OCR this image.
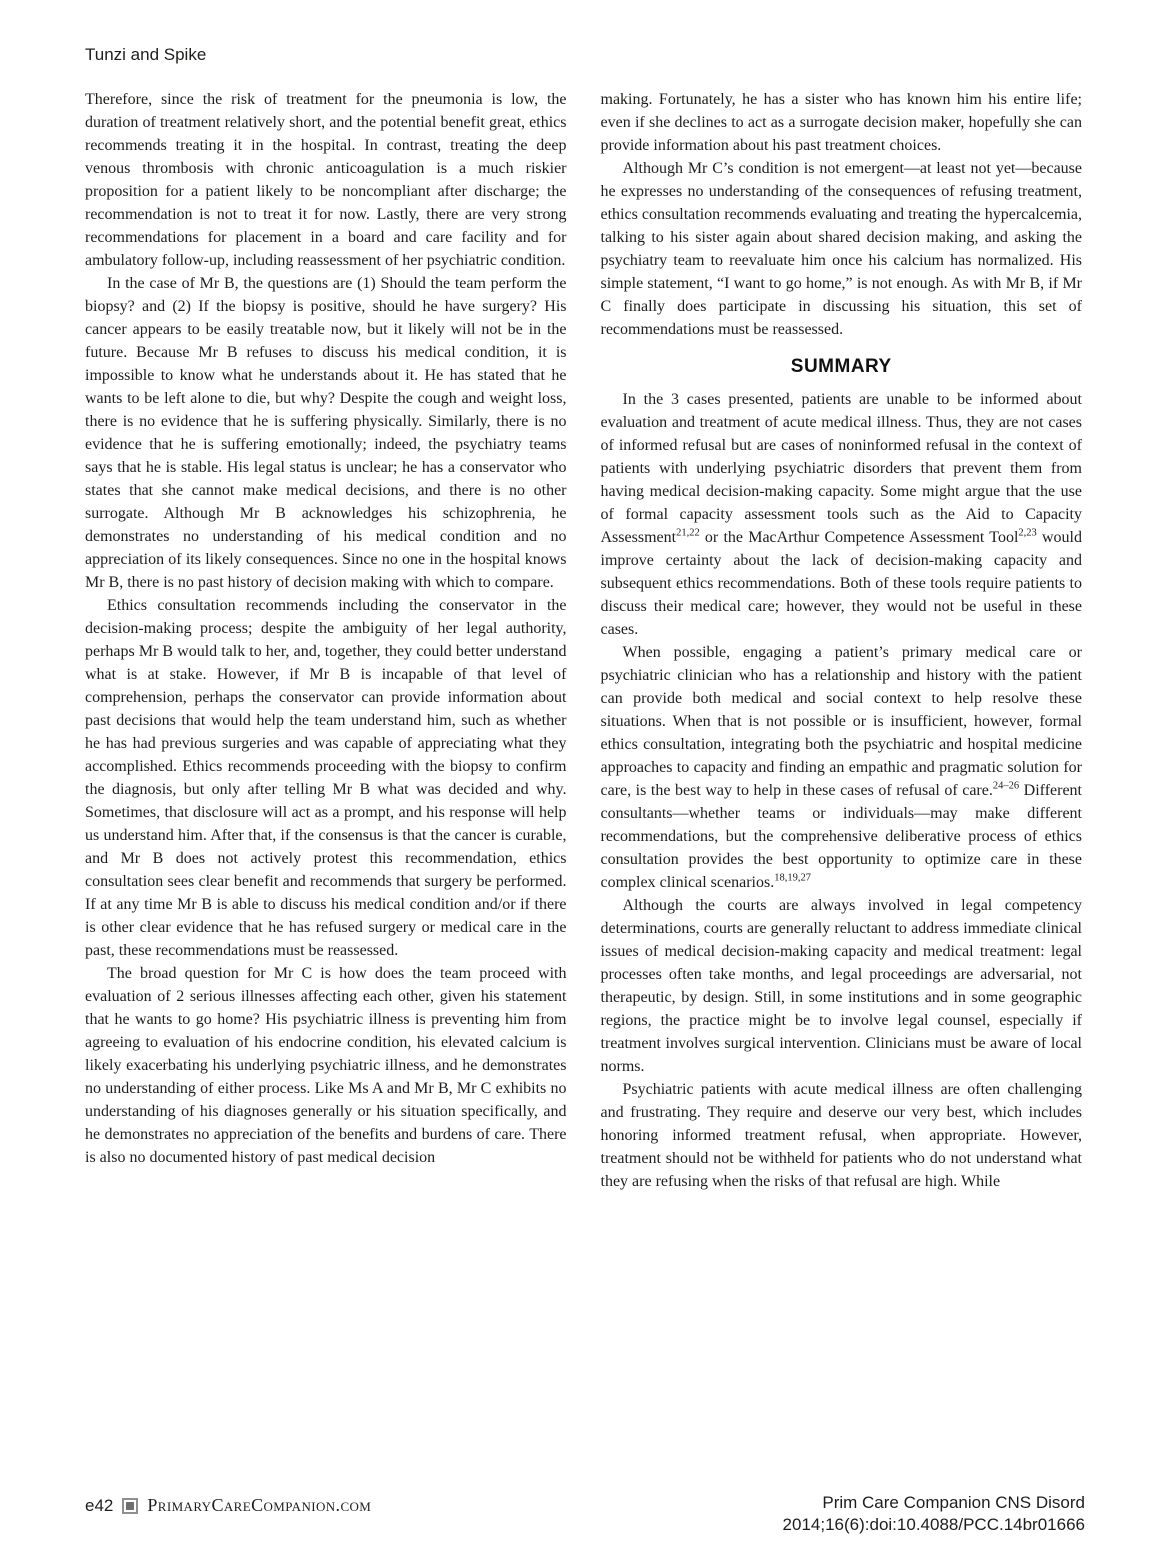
Tunzi and Spike

Therefore, since the risk of treatment for the pneumonia is low, the duration of treatment relatively short, and the potential benefit great, ethics recommends treating it in the hospital. In contrast, treating the deep venous thrombosis with chronic anticoagulation is a much riskier proposition for a patient likely to be noncompliant after discharge; the recommendation is not to treat it for now. Lastly, there are very strong recommendations for placement in a board and care facility and for ambulatory follow-up, including reassessment of her psychiatric condition.

In the case of Mr B, the questions are (1) Should the team perform the biopsy? and (2) If the biopsy is positive, should he have surgery? His cancer appears to be easily treatable now, but it likely will not be in the future. Because Mr B refuses to discuss his medical condition, it is impossible to know what he understands about it. He has stated that he wants to be left alone to die, but why? Despite the cough and weight loss, there is no evidence that he is suffering physically. Similarly, there is no evidence that he is suffering emotionally; indeed, the psychiatry teams says that he is stable. His legal status is unclear; he has a conservator who states that she cannot make medical decisions, and there is no other surrogate. Although Mr B acknowledges his schizophrenia, he demonstrates no understanding of his medical condition and no appreciation of its likely consequences. Since no one in the hospital knows Mr B, there is no past history of decision making with which to compare.

Ethics consultation recommends including the conservator in the decision-making process; despite the ambiguity of her legal authority, perhaps Mr B would talk to her, and, together, they could better understand what is at stake. However, if Mr B is incapable of that level of comprehension, perhaps the conservator can provide information about past decisions that would help the team understand him, such as whether he has had previous surgeries and was capable of appreciating what they accomplished. Ethics recommends proceeding with the biopsy to confirm the diagnosis, but only after telling Mr B what was decided and why. Sometimes, that disclosure will act as a prompt, and his response will help us understand him. After that, if the consensus is that the cancer is curable, and Mr B does not actively protest this recommendation, ethics consultation sees clear benefit and recommends that surgery be performed. If at any time Mr B is able to discuss his medical condition and/or if there is other clear evidence that he has refused surgery or medical care in the past, these recommendations must be reassessed.

The broad question for Mr C is how does the team proceed with evaluation of 2 serious illnesses affecting each other, given his statement that he wants to go home? His psychiatric illness is preventing him from agreeing to evaluation of his endocrine condition, his elevated calcium is likely exacerbating his underlying psychiatric illness, and he demonstrates no understanding of either process. Like Ms A and Mr B, Mr C exhibits no understanding of his diagnoses generally or his situation specifically, and he demonstrates no appreciation of the benefits and burdens of care. There is also no documented history of past medical decision

making. Fortunately, he has a sister who has known him his entire life; even if she declines to act as a surrogate decision maker, hopefully she can provide information about his past treatment choices.

Although Mr C’s condition is not emergent—at least not yet—because he expresses no understanding of the consequences of refusing treatment, ethics consultation recommends evaluating and treating the hypercalcemia, talking to his sister again about shared decision making, and asking the psychiatry team to reevaluate him once his calcium has normalized. His simple statement, “I want to go home,” is not enough. As with Mr B, if Mr C finally does participate in discussing his situation, this set of recommendations must be reassessed.

SUMMARY

In the 3 cases presented, patients are unable to be informed about evaluation and treatment of acute medical illness. Thus, they are not cases of informed refusal but are cases of noninformed refusal in the context of patients with underlying psychiatric disorders that prevent them from having medical decision-making capacity. Some might argue that the use of formal capacity assessment tools such as the Aid to Capacity Assessment$^{21,22}$ or the MacArthur Competence Assessment Tool$^{2,23}$ would improve certainty about the lack of decision-making capacity and subsequent ethics recommendations. Both of these tools require patients to discuss their medical care; however, they would not be useful in these cases.

When possible, engaging a patient’s primary medical care or psychiatric clinician who has a relationship and history with the patient can provide both medical and social context to help resolve these situations. When that is not possible or is insufficient, however, formal ethics consultation, integrating both the psychiatric and hospital medicine approaches to capacity and finding an empathic and pragmatic solution for care, is the best way to help in these cases of refusal of care.$^{24-26}$ Different consultants—whether teams or individuals—may make different recommendations, but the comprehensive deliberative process of ethics consultation provides the best opportunity to optimize care in these complex clinical scenarios.$^{18,19,27}$

Although the courts are always involved in legal competency determinations, courts are generally reluctant to address immediate clinical issues of medical decision-making capacity and medical treatment: legal processes often take months, and legal proceedings are adversarial, not therapeutic, by design. Still, in some institutions and in some geographic regions, the practice might be to involve legal counsel, especially if treatment involves surgical intervention. Clinicians must be aware of local norms.

Psychiatric patients with acute medical illness are often challenging and frustrating. They require and deserve our very best, which includes honoring informed treatment refusal, when appropriate. However, treatment should not be withheld for patients who do not understand what they are refusing when the risks of that refusal are high. While

e42 PrimaryCareCompanion.com	Prim Care Companion CNS Disord
2014;16(6):doi:10.4088/PCC.14br01666
